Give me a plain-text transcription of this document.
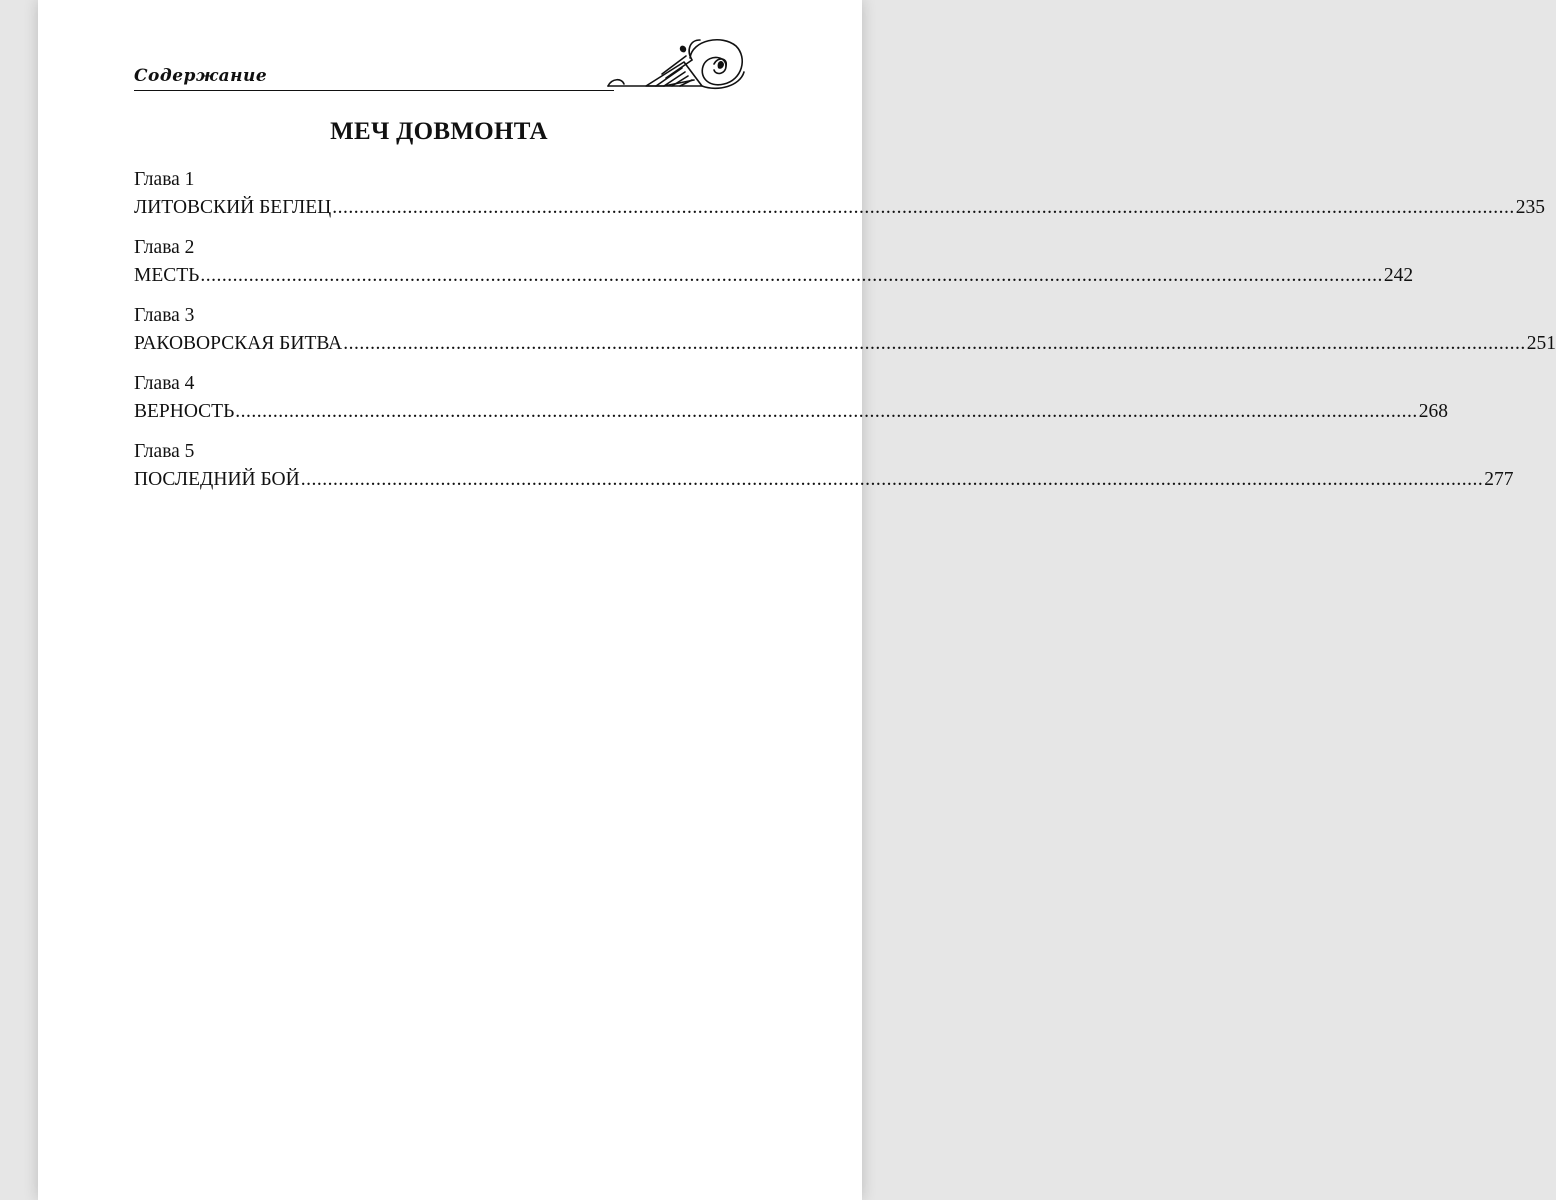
Содержание
МЕЧ ДОВМОНТА
Глава 1
ЛИТОВСКИЙ БЕГЛЕЦ ............................................................................................................................................................................................................................ 235
Глава 2
МЕСТЬ ............................................................................................................................................................................................................................ 242
Глава 3
РАКОВОРСКАЯ БИТВА ............................................................................................................................................................................................................................ 251
Глава 4
ВЕРНОСТЬ ............................................................................................................................................................................................................................ 268
Глава 5
ПОСЛЕДНИЙ БОЙ ............................................................................................................................................................................................................................ 277
